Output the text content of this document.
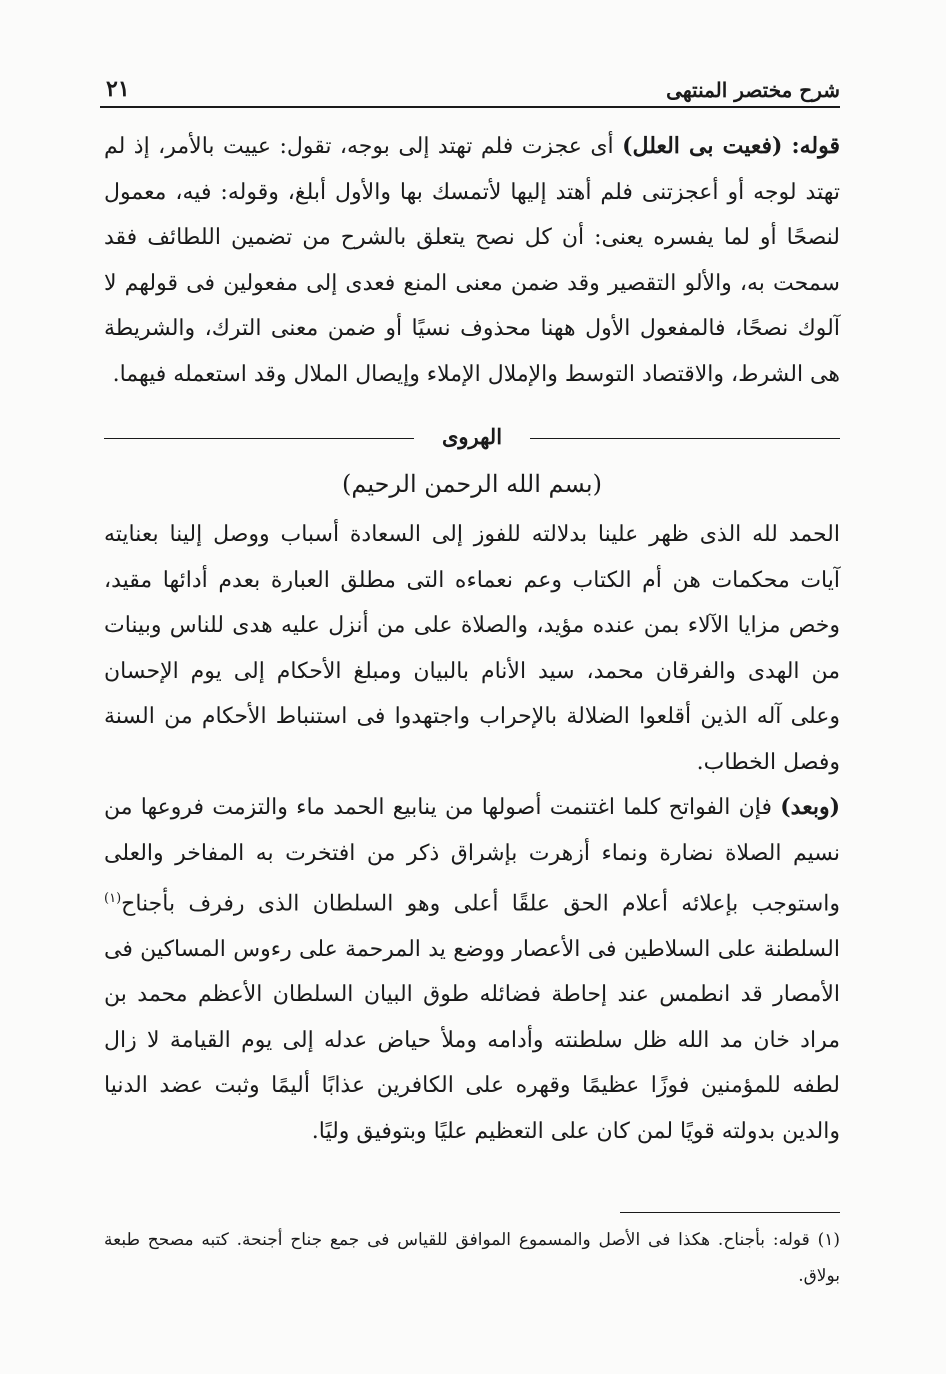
شرح مختصر المنتهى
٢١

قوله: (فعيت بى العلل) أى عجزت فلم تهتد إلى بوجه، تقول: عييت بالأمر، إذ لم تهتد لوجه أو أعجزتنى فلم أهتد إليها لأتمسك بها والأول أبلغ، وقوله: فيه، معمول لنصحًا أو لما يفسره يعنى: أن كل نصح يتعلق بالشرح من تضمين اللطائف فقد سمحت به، والألو التقصير وقد ضمن معنى المنع فعدى إلى مفعولين فى قولهم لا آلوك نصحًا، فالمفعول الأول ههنا محذوف نسيًا أو ضمن معنى الترك، والشريطة هى الشرط، والاقتصاد التوسط والإملال الإملاء وإيصال الملال وقد استعمله فيهما.

الهروى
(بسم الله الرحمن الرحيم)

الحمد لله الذى ظهر علينا بدلالته للفوز إلى السعادة أسباب ووصل إلينا بعنايته آيات محكمات هن أم الكتاب وعم نعماءه التى مطلق العبارة بعدم أدائها مقيد، وخص مزايا الآلاء بمن عنده مؤيد، والصلاة على من أنزل عليه هدى للناس وبينات من الهدى والفرقان محمد، سيد الأنام بالبيان ومبلغ الأحكام إلى يوم الإحسان وعلى آله الذين أقلعوا الضلالة بالإحراب واجتهدوا فى استنباط الأحكام من السنة وفصل الخطاب.

(وبعد) فإن الفواتح كلما اغتنمت أصولها من ينابيع الحمد ماء والتزمت فروعها من نسيم الصلاة نضارة ونماء أزهرت بإشراق ذكر من افتخرت به المفاخر والعلى واستوجب بإعلائه أعلام الحق علقًا أعلى وهو السلطان الذى رفرف بأجناح$^{(١)}$ السلطنة على السلاطين فى الأعصار ووضع يد المرحمة على رءوس المساكين فى الأمصار قد انطمس عند إحاطة فضائله طوق البيان السلطان الأعظم محمد بن مراد خان مد الله ظل سلطنته وأدامه وملأ حياض عدله إلى يوم القيامة لا زال لطفه للمؤمنين فوزًا عظيمًا وقهره على الكافرين عذابًا أليمًا وثبت عضد الدنيا والدين بدولته قويًا لمن كان على التعظيم عليًا وبتوفيق وليًا.

(١) قوله: بأجناح. هكذا فى الأصل والمسموع الموافق للقياس فى جمع جناح أجنحة. كتبه مصحح طبعة بولاق.
